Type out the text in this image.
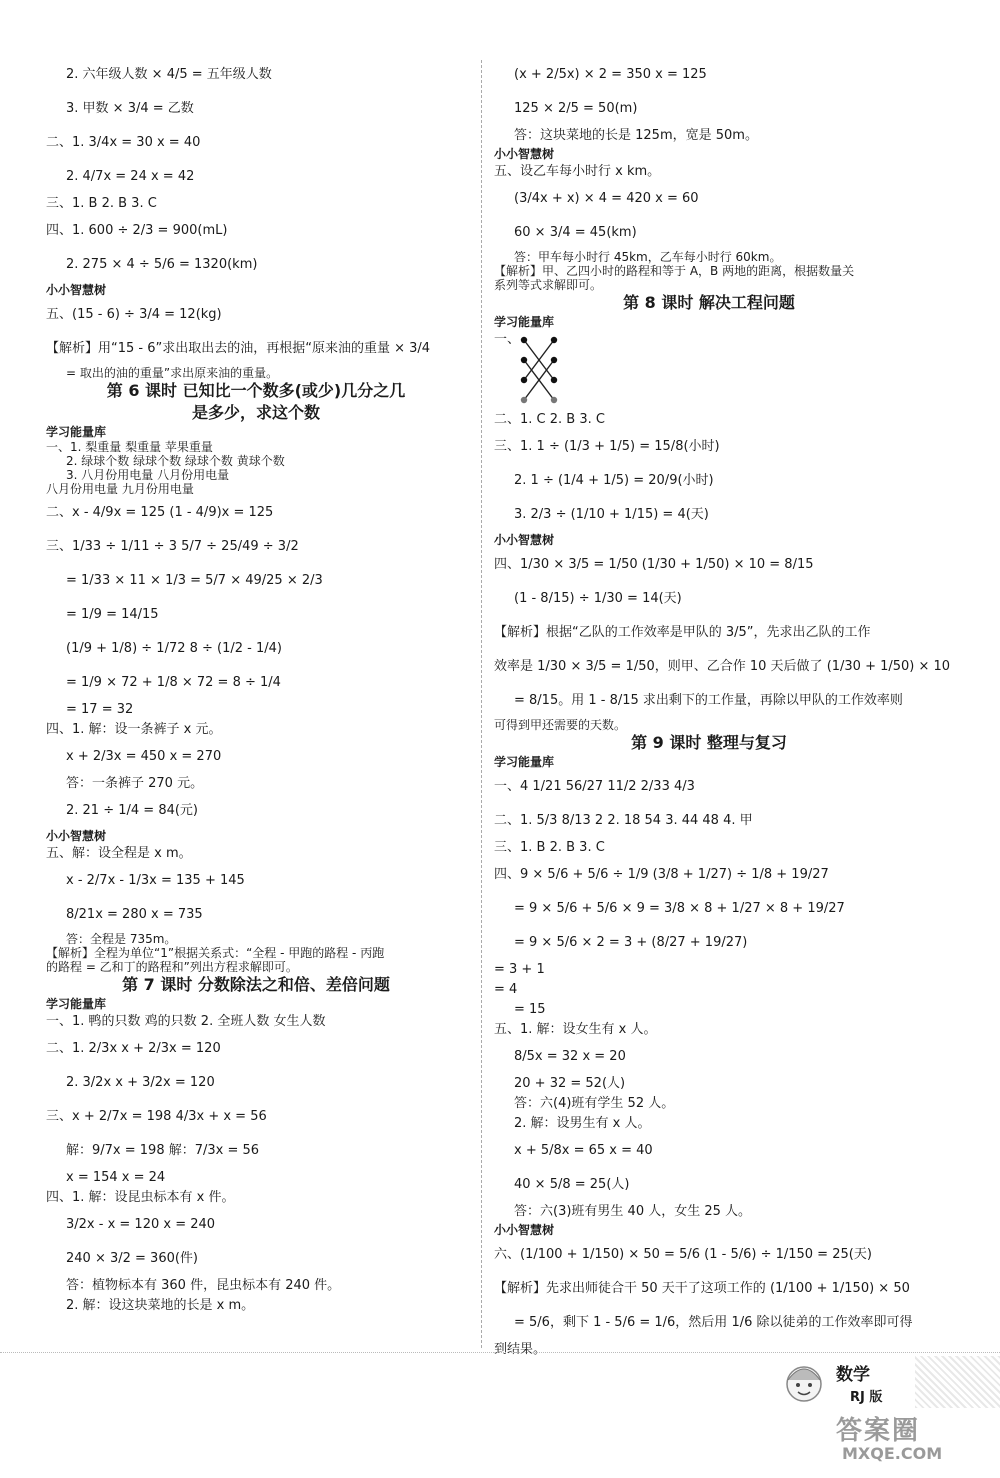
2. 六年级人数 × 4/5 = 五年级人数
3. 甲数 × 3/4 = 乙数
二、1. 3/4x = 30 x = 40
2. 4/7x = 24 x = 42
三、1. B 2. B 3. C
四、1. 600 ÷ 2/3 = 900(mL)
2. 275 × 4 ÷ 5/6 = 1320(km)
小小智慧树
五、(15 - 6) ÷ 3/4 = 12(kg)
【解析】用“15 - 6”求出取出去的油，再根据“原来油的重量 × 3/4
= 取出的油的重量”求出原来油的重量。
第 6 课时 已知比一个数多(或少)几分之几
是多少，求这个数
学习能量库
一、1. 梨重量 梨重量 苹果重量
2. 绿球个数 绿球个数 绿球个数 黄球个数
3. 八月份用电量 八月份用电量
八月份用电量 九月份用电量
二、x - 4/9x = 125 (1 - 4/9)x = 125
三、1/33 ÷ 1/11 ÷ 3 5/7 ÷ 25/49 ÷ 3/2
= 1/33 × 11 × 1/3 = 5/7 × 49/25 × 2/3
= 1/9 = 14/15
(1/9 + 1/8) ÷ 1/72 8 ÷ (1/2 - 1/4)
= 1/9 × 72 + 1/8 × 72 = 8 ÷ 1/4
= 17 = 32
四、1. 解：设一条裤子 x 元。
x + 2/3x = 450 x = 270
答：一条裤子 270 元。
2. 21 ÷ 1/4 = 84(元)
小小智慧树
五、解：设全程是 x m。
x - 2/7x - 1/3x = 135 + 145
8/21x = 280 x = 735
答：全程是 735m。
【解析】全程为单位“1”根据关系式：“全程 - 甲跑的路程 - 丙跑
的路程 = 乙和丁的路程和”列出方程求解即可。
第 7 课时 分数除法之和倍、差倍问题
学习能量库
一、1. 鸭的只数 鸡的只数 2. 全班人数 女生人数
二、1. 2/3x x + 2/3x = 120
2. 3/2x x + 3/2x = 120
三、x + 2/7x = 198 4/3x + x = 56
解：9/7x = 198 解：7/3x = 56
x = 154 x = 24
四、1. 解：设昆虫标本有 x 件。
3/2x - x = 120 x = 240
240 × 3/2 = 360(件)
答：植物标本有 360 件，昆虫标本有 240 件。
2. 解：设这块菜地的长是 x m。
(x + 2/5x) × 2 = 350 x = 125
125 × 2/5 = 50(m)
答：这块菜地的长是 125m，宽是 50m。
小小智慧树
五、设乙车每小时行 x km。
(3/4x + x) × 4 = 420 x = 60
60 × 3/4 = 45(km)
答：甲车每小时行 45km，乙车每小时行 60km。
【解析】甲、乙四小时的路程和等于 A，B 两地的距离，根据数量关
系列等式求解即可。
第 8 课时 解决工程问题
学习能量库
一、
二、1. C 2. B 3. C
三、1. 1 ÷ (1/3 + 1/5) = 15/8(小时)
2. 1 ÷ (1/4 + 1/5) = 20/9(小时)
3. 2/3 ÷ (1/10 + 1/15) = 4(天)
小小智慧树
四、1/30 × 3/5 = 1/50 (1/30 + 1/50) × 10 = 8/15
(1 - 8/15) ÷ 1/30 = 14(天)
【解析】根据“乙队的工作效率是甲队的 3/5”，先求出乙队的工作
效率是 1/30 × 3/5 = 1/50，则甲、乙合作 10 天后做了 (1/30 + 1/50) × 10
= 8/15。用 1 - 8/15 求出剩下的工作量，再除以甲队的工作效率则
可得到甲还需要的天数。
第 9 课时 整理与复习
学习能量库
一、4 1/21 56/27 11/2 2/33 4/3
二、1. 5/3 8/13 2 2. 18 54 3. 44 48 4. 甲
三、1. B 2. B 3. C
四、9 × 5/6 + 5/6 ÷ 1/9 (3/8 + 1/27) ÷ 1/8 + 19/27
= 9 × 5/6 + 5/6 × 9 = 3/8 × 8 + 1/27 × 8 + 19/27
= 9 × 5/6 × 2 = 3 + (8/27 + 19/27)
= 3 + 1
= 4
= 15
五、1. 解：设女生有 x 人。
8/5x = 32 x = 20
20 + 32 = 52(人)
答：六(4)班有学生 52 人。
2. 解：设男生有 x 人。
x + 5/8x = 65 x = 40
40 × 5/8 = 25(人)
答：六(3)班有男生 40 人，女生 25 人。
小小智慧树
六、(1/100 + 1/150) × 50 = 5/6 (1 - 5/6) ÷ 1/150 = 25(天)
【解析】先求出师徒合干 50 天干了这项工作的 (1/100 + 1/150) × 50
= 5/6，剩下 1 - 5/6 = 1/6，然后用 1/6 除以徒弟的工作效率即可得
到结果。
数学
RJ 版
答案圈
MXQE.COM
